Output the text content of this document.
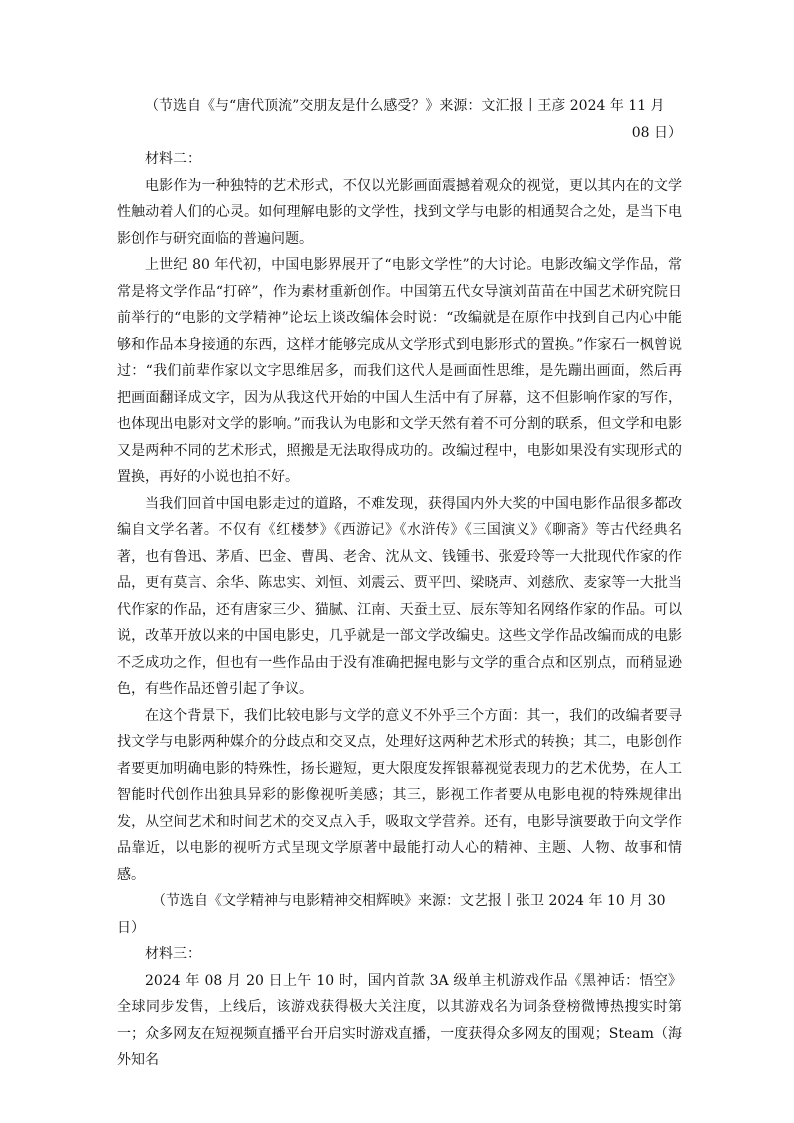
（节选自《与“唐代顶流”交朋友是什么感受？》来源：文汇报丨王彦 2024 年 11 月
08 日）

材料二：

电影作为一种独特的艺术形式，不仅以光影画面震撼着观众的视觉，更以其内在的文学性触动着人们的心灵。如何理解电影的文学性，找到文学与电影的相通契合之处，是当下电影创作与研究面临的普遍问题。

上世纪 80 年代初，中国电影界展开了“电影文学性”的大讨论。电影改编文学作品，常常是将文学作品“打碎”，作为素材重新创作。中国第五代女导演刘苗苗在中国艺术研究院日前举行的“电影的文学精神”论坛上谈改编体会时说：“改编就是在原作中找到自己内心中能够和作品本身接通的东西，这样才能够完成从文学形式到电影形式的置换。”作家石一枫曾说过：“我们前辈作家以文字思维居多，而我们这代人是画面性思维，是先蹦出画面，然后再把画面翻译成文字，因为从我这代开始的中国人生活中有了屏幕，这不但影响作家的写作，也体现出电影对文学的影响。”而我认为电影和文学天然有着不可分割的联系，但文学和电影又是两种不同的艺术形式，照搬是无法取得成功的。改编过程中，电影如果没有实现形式的置换，再好的小说也拍不好。

当我们回首中国电影走过的道路，不难发现，获得国内外大奖的中国电影作品很多都改编自文学名著。不仅有《红楼梦》《西游记》《水浒传》《三国演义》《聊斋》等古代经典名著，也有鲁迅、茅盾、巴金、曹禺、老舍、沈从文、钱锺书、张爱玲等一大批现代作家的作品，更有莫言、余华、陈忠实、刘恒、刘震云、贾平凹、梁晓声、刘慈欣、麦家等一大批当代作家的作品，还有唐家三少、猫腻、江南、天蚕土豆、辰东等知名网络作家的作品。可以说，改革开放以来的中国电影史，几乎就是一部文学改编史。这些文学作品改编而成的电影不乏成功之作，但也有一些作品由于没有准确把握电影与文学的重合点和区别点，而稍显逊色，有些作品还曾引起了争议。

在这个背景下，我们比较电影与文学的意义不外乎三个方面：其一，我们的改编者要寻找文学与电影两种媒介的分歧点和交叉点，处理好这两种艺术形式的转换；其二，电影创作者要更加明确电影的特殊性，扬长避短，更大限度发挥银幕视觉表现力的艺术优势，在人工智能时代创作出独具异彩的影像视听美感；其三，影视工作者要从电影电视的特殊规律出发，从空间艺术和时间艺术的交叉点入手，吸取文学营养。还有，电影导演要敢于向文学作品靠近，以电影的视听方式呈现文学原著中最能打动人心的精神、主题、人物、故事和情感。

（节选自《文学精神与电影精神交相辉映》来源：文艺报丨张卫 2024 年 10 月 30 日）

材料三：

2024 年 08 月 20 日上午 10 时，国内首款 3A 级单主机游戏作品《黑神话：悟空》全球同步发售，上线后，该游戏获得极大关注度，以其游戏名为词条登榜微博热搜实时第一；众多网友在短视频直播平台开启实时游戏直播，一度获得众多网友的围观；Steam（海外知名
